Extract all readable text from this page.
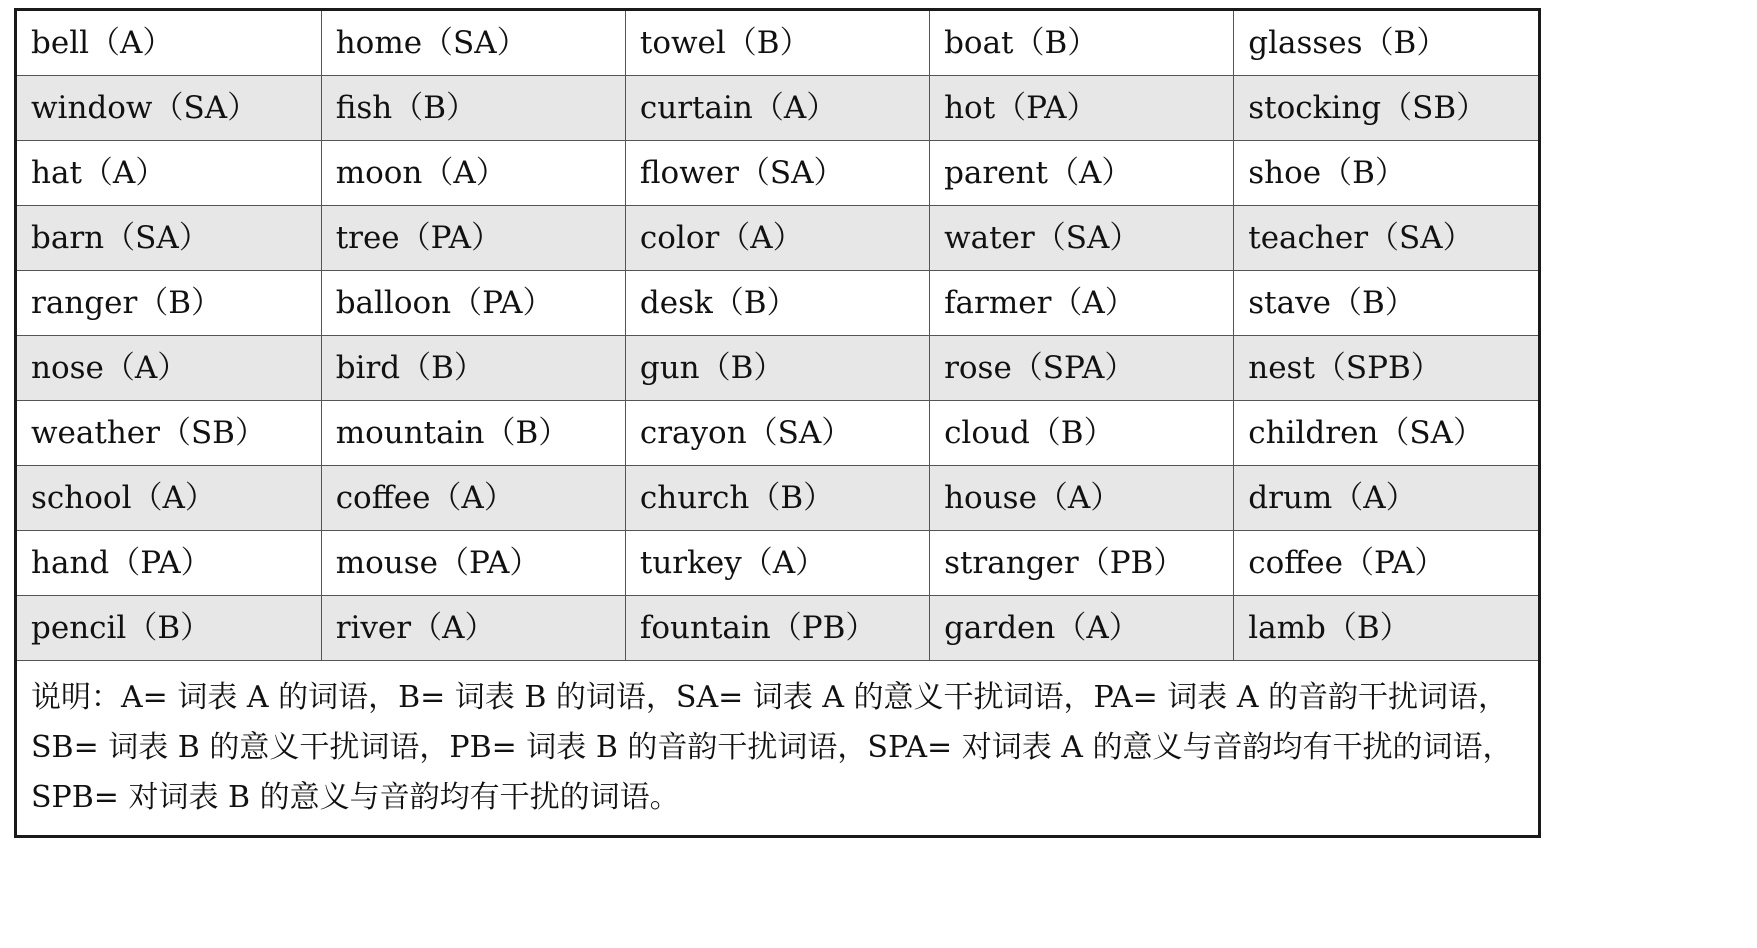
bell（A）	home（SA）	towel（B）	boat（B）	glasses（B）
window（SA）	fish（B）	curtain（A）	hot（PA）	stocking（SB）
hat（A）	moon（A）	flower（SA）	parent（A）	shoe（B）
barn（SA）	tree（PA）	color（A）	water（SA）	teacher（SA）
ranger（B）	balloon（PA）	desk（B）	farmer（A）	stave（B）
nose（A）	bird（B）	gun（B）	rose（SPA）	nest（SPB）
weather（SB）	mountain（B）	crayon（SA）	cloud（B）	children（SA）
school（A）	coffee（A）	church（B）	house（A）	drum（A）
hand（PA）	mouse（PA）	turkey（A）	stranger（PB）	coffee（PA）
pencil（B）	river（A）	fountain（PB）	garden（A）	lamb（B）
说明：A= 词表 A 的词语，B= 词表 B 的词语，SA= 词表 A 的意义干扰词语，PA= 词表 A 的音韵干扰词语，SB= 词表 B 的意义干扰词语，PB= 词表 B 的音韵干扰词语，SPA= 对词表 A 的意义与音韵均有干扰的词语，SPB= 对词表 B 的意义与音韵均有干扰的词语。				
